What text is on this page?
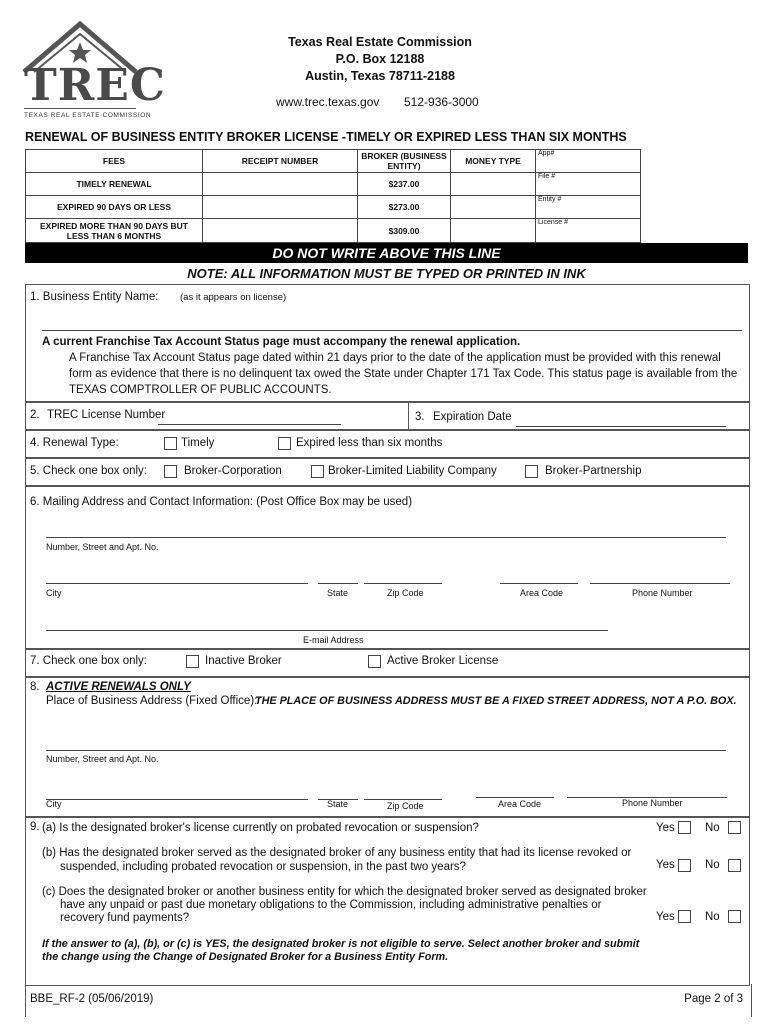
TREC
TEXAS REAL ESTATE COMMISSION
Texas Real Estate Commission
P.O. Box 12188
Austin, Texas 78711-2188
www.trec.texas.gov 512-936-3000
RENEWAL OF BUSINESS ENTITY BROKER LICENSE -TIMELY OR EXPIRED LESS THAN SIX MONTHS
FEES	RECEIPT NUMBER	BROKER (BUSINESS ENTITY)	MONEY TYPE	App#
TIMELY RENEWAL		$237.00		File #
EXPIRED 90 DAYS OR LESS		$273.00		Entity #
EXPIRED MORE THAN 90 DAYS BUT LESS THAN 6 MONTHS		$309.00		License #
DO NOT WRITE ABOVE THIS LINE
NOTE: ALL INFORMATION MUST BE TYPED OR PRINTED IN INK
1. Business Entity Name: (as it appears on license)
A current Franchise Tax Account Status page must accompany the renewal application.
A Franchise Tax Account Status page dated within 21 days prior to the date of the application must be provided with this renewal
form as evidence that there is no delinquent tax owed the State under Chapter 171 Tax Code. This status page is available from the
TEXAS COMPTROLLER OF PUBLIC ACCOUNTS.
2. TREC License Number	3. Expiration Date
4. Renewal Type:	Timely	Expired less than six months
5. Check one box only:	Broker-Corporation	Broker-Limited Liability Company	Broker-Partnership
6. Mailing Address and Contact Information: (Post Office Box may be used)
Number, Street and Apt. No.
City	State	Zip Code	Area Code	Phone Number
E-mail Address
7. Check one box only:	Inactive Broker	Active Broker License
8. ACTIVE RENEWALS ONLY
Place of Business Address (Fixed Office):
THE PLACE OF BUSINESS ADDRESS MUST BE A FIXED STREET ADDRESS, NOT A P.O. BOX.
Number, Street and Apt. No.
City	State	Zip Code	Area Code	Phone Number
9. (a) Is the designated broker's license currently on probated revocation or suspension?	Yes	No
(b) Has the designated broker served as the designated broker of any business entity that had its license revoked or
suspended, including probated revocation or suspension, in the past two years?	Yes	No
(c) Does the designated broker or another business entity for which the designated broker served as designated broker
have any unpaid or past due monetary obligations to the Commission, including administrative penalties or
recovery fund payments?	Yes	No
If the answer to (a), (b), or (c) is YES, the designated broker is not eligible to serve. Select another broker and submit
the change using the Change of Designated Broker for a Business Entity Form.
BBE_RF-2 (05/06/2019)	Page 2 of 3
